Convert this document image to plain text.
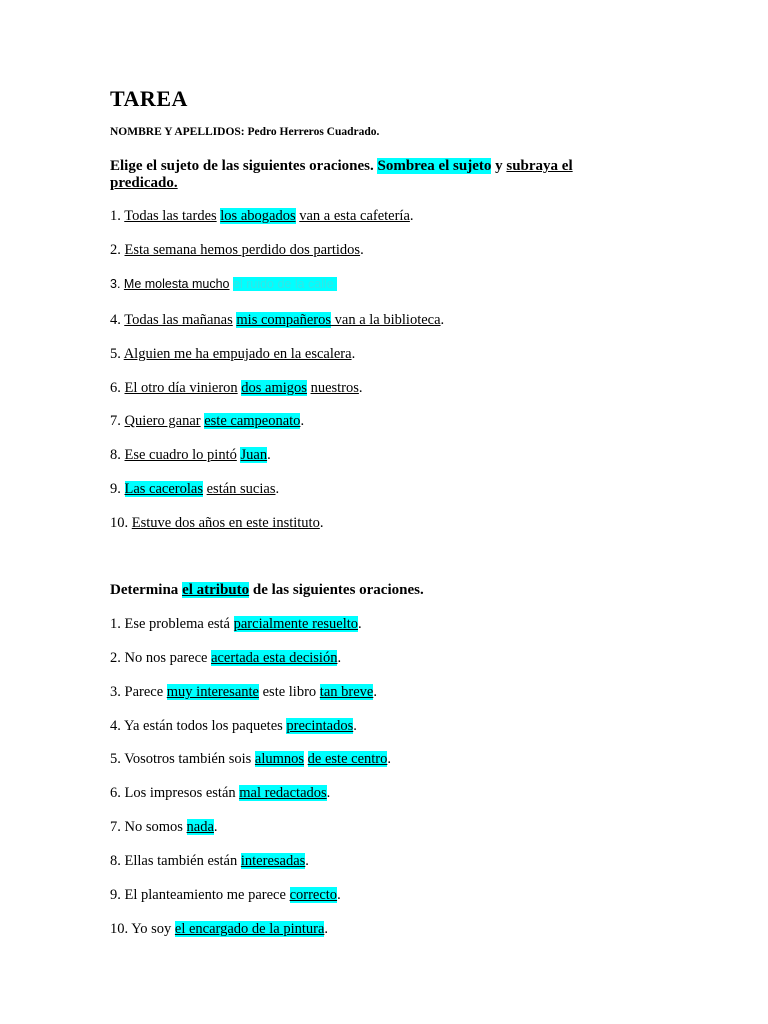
TAREA
NOMBRE Y APELLIDOS: Pedro Herreros Cuadrado.
Elige el sujeto de las siguientes oraciones. Sombrea el sujeto y subraya el
predicado.
1. Todas las tardes los abogados van a esta cafetería.
2. Esta semana hemos perdido dos partidos.
3. Me molesta mucho el ruido de la calle.
4. Todas las mañanas mis compañeros van a la biblioteca.
5. Alguien me ha empujado en la escalera.
6. El otro día vinieron dos amigos nuestros.
7. Quiero ganar este campeonato.
8. Ese cuadro lo pintó Juan.
9. Las cacerolas están sucias.
10. Estuve dos años en este instituto.
Determina el atributo de las siguientes oraciones.
1. Ese problema está parcialmente resuelto.
2. No nos parece acertada esta decisión.
3. Parece muy interesante este libro tan breve.
4. Ya están todos los paquetes precintados.
5. Vosotros también sois alumnos de este centro.
6. Los impresos están mal redactados.
7. No somos nada.
8. Ellas también están interesadas.
9. El planteamiento me parece correcto.
10. Yo soy el encargado de la pintura.
